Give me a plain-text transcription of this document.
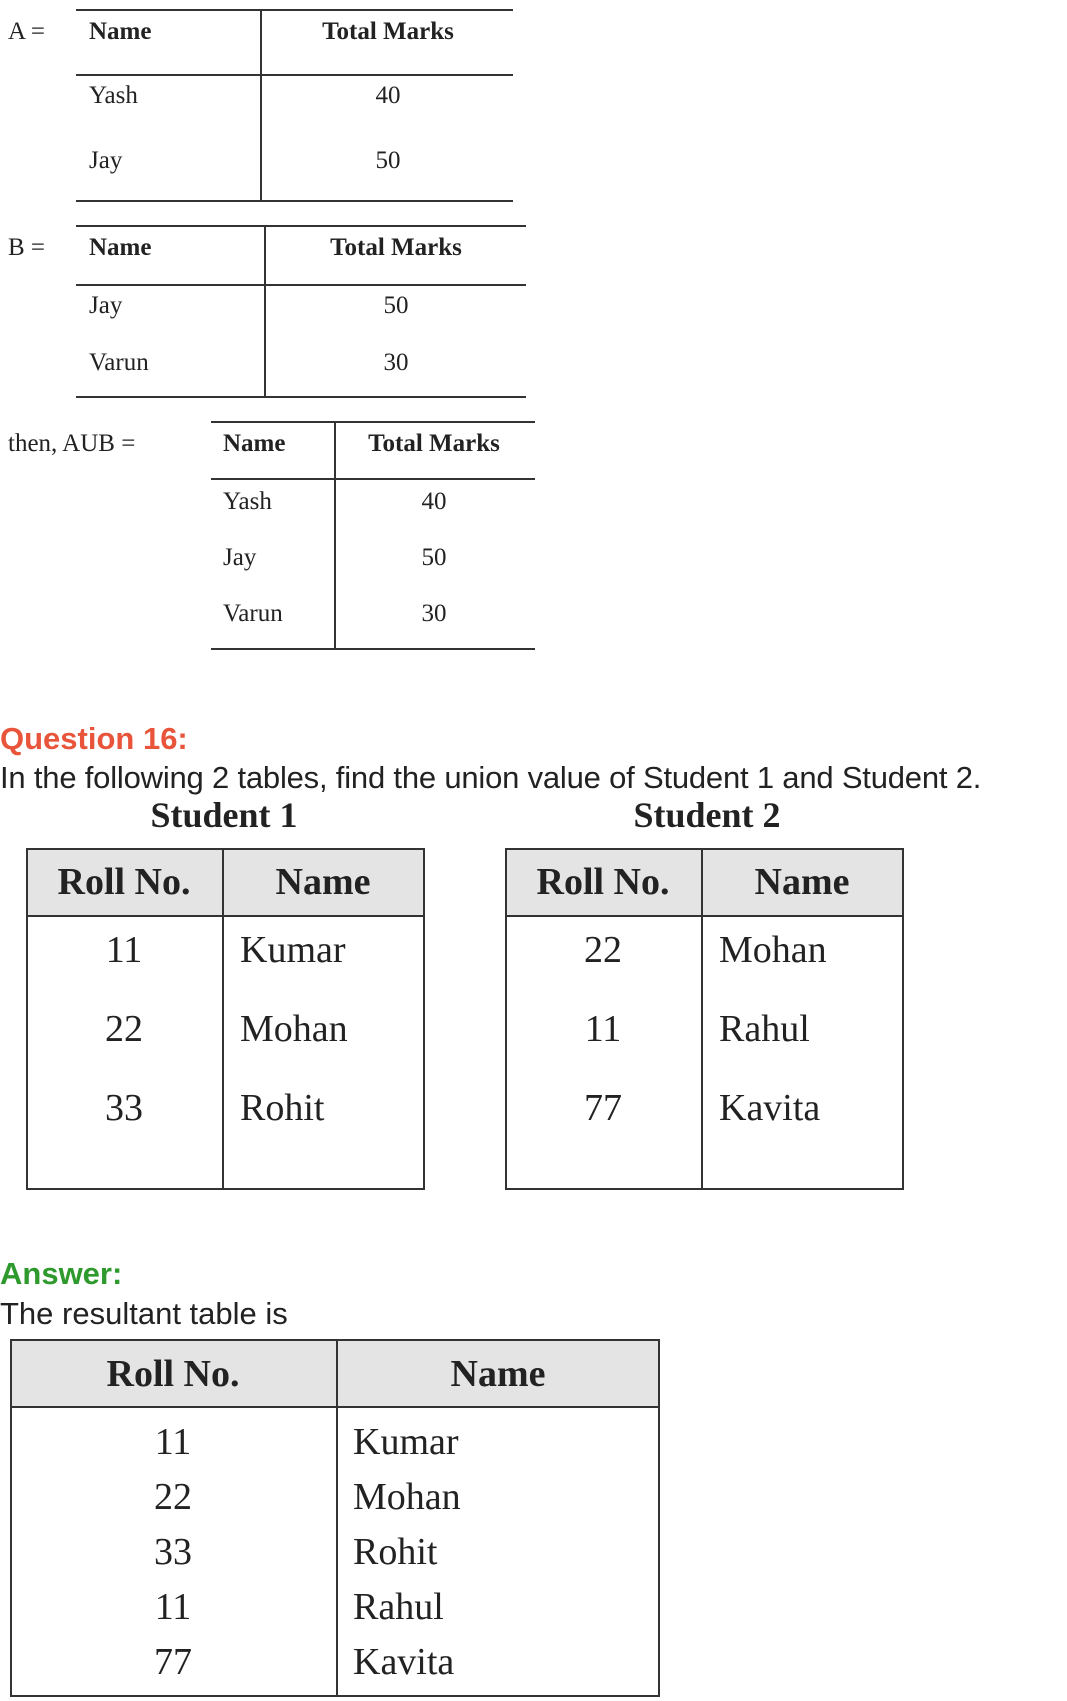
A = Name	Total Marks
Yash	40
Jay	50
B = Name	Total Marks
Jay	50
Varun	30
then, AUB =	Name	Total Marks
Yash	40
Jay	50
Varun	30
Question 16:
In the following 2 tables, find the union value of Student 1 and Student 2.
Student 1
Roll No. Name
11	Kumar
22	Mohan
33	Rohit
Student 2
Roll No. Name
22	Mohan
11	Rahul
77	Kavita
Answer:
The resultant table is
Roll No.	Name
11	Kumar
22	Mohan
33	Rohit
11	Rahul
77	Kavita
